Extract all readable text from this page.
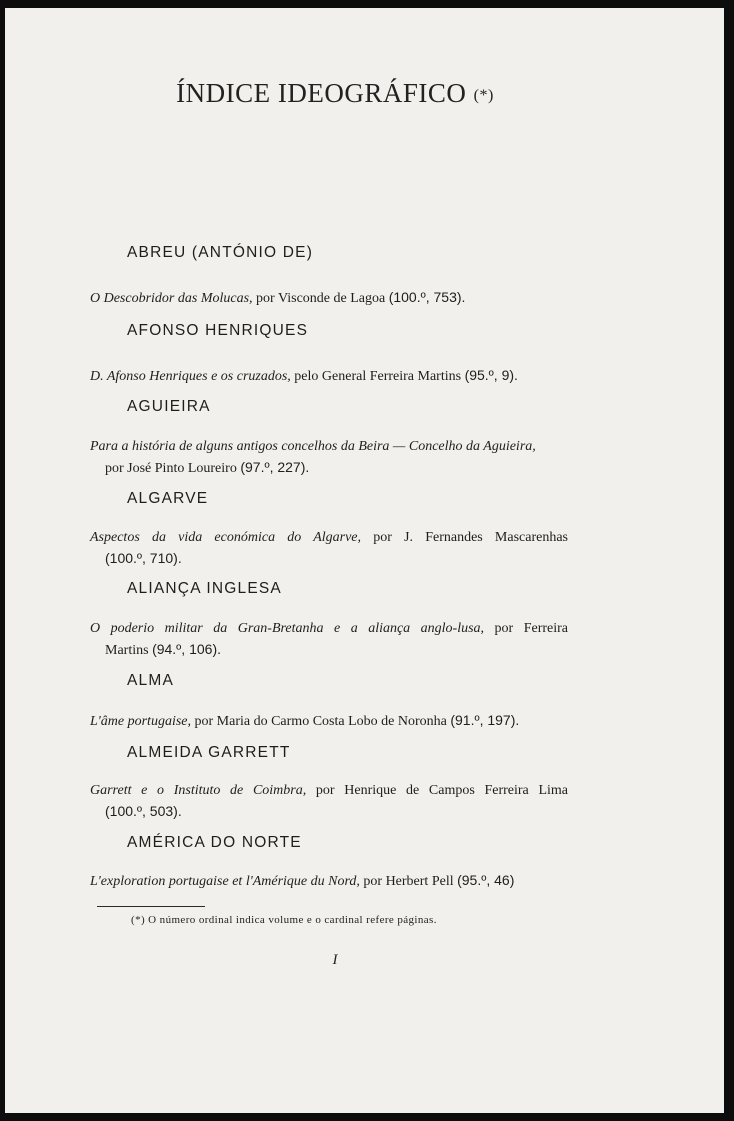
ÍNDICE IDEOGRÁFICO (*)
ABREU (ANTÓNIO DE)
O Descobridor das Molucas, por Visconde de Lagoa (100.º, 753).
AFONSO HENRIQUES
D. Afonso Henriques e os cruzados, pelo General Ferreira Martins (95.º, 9).
AGUIEIRA
Para a história de alguns antigos concelhos da Beira — Concelho da Aguieira,
por José Pinto Loureiro (97.º, 227).
ALGARVE
Aspectos da vida económica do Algarve, por J. Fernandes Mascarenhas
(100.º, 710).
ALIANÇA INGLESA
O poderio militar da Gran-Bretanha e a aliança anglo-lusa, por Ferreira
Martins (94.º, 106).
ALMA
L'âme portugaise, por Maria do Carmo Costa Lobo de Noronha (91.º, 197).
ALMEIDA GARRETT
Garrett e o Instituto de Coimbra, por Henrique de Campos Ferreira Lima
(100.º, 503).
AMÉRICA DO NORTE
L'exploration portugaise et l'Amérique du Nord, por Herbert Pell (95.º, 46)
(*) O número ordinal indica volume e o cardinal refere páginas.
I
